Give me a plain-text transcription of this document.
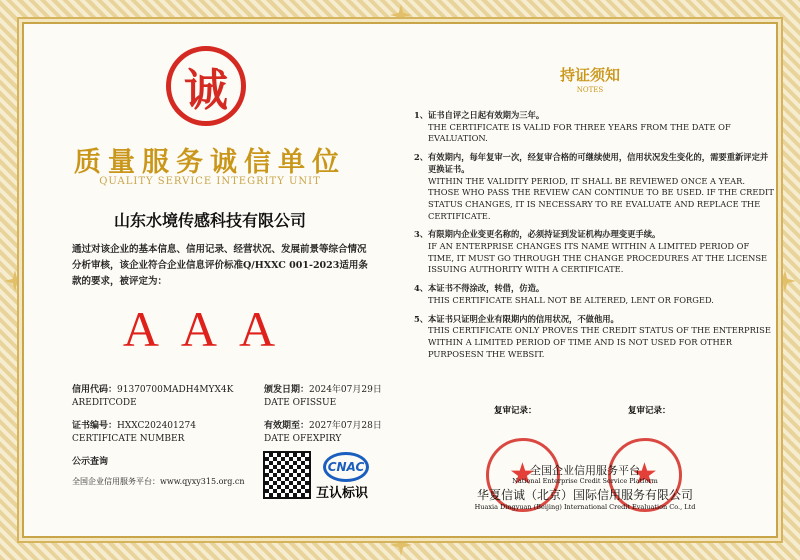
诚
质量服务诚信单位
QUALITY SERVICE INTEGRITY UNIT
山东水境传感科技有限公司
通过对该企业的基本信息、信用记录、经营状况、发展前景等综合情况分析审核，该企业符合企业信息评价标准Q/HXXC 001-2023适用条款的要求，被评定为：
AAA
信用代码：91370700MADH4MYX4K
AREDITCODE
颁发日期：2024年07月29日
DATE OFISSUE
证书编号：HXXC202401274
CERTIFICATE NUMBER
有效期至：2027年07月28日
DATE OFEXPIRY
公示查询
全国企业信用服务平台：www.qyxy315.org.cn
CNAC
互认标识
持证须知
NOTES
1、 证书自评之日起有效期为三年。
THE CERTIFICATE IS VALID FOR THREE YEARS FROM THE DATE OF EVALUATION.
2、 有效期内，每年复审一次，经复审合格的可继续使用，信用状况发生变化的，需要重新评定并更换证书。
WITHIN THE VALIDITY PERIOD, IT SHALL BE REVIEWED ONCE A YEAR. THOSE WHO PASS THE REVIEW CAN CONTINUE TO BE USED. IF THE CREDIT STATUS CHANGES, IT IS NECESSARY TO RE EVALUATE AND REPLACE THE CERTIFICATE.
3、 有限期内企业变更名称的，必须持证到发证机构办理变更手续。
IF AN ENTERPRISE CHANGES ITS NAME WITHIN A LIMITED PERIOD OF TIME, IT MUST GO THROUGH THE CHANGE PROCEDURES AT THE LICENSE ISSUING AUTHORITY WITH A CERTIFICATE.
4、 本证书不得涂改，转借，仿造。
THIS CERTIFICATE SHALL NOT BE ALTERED, LENT OR FORGED.
5、 本证书只证明企业有限期内的信用状况，不做他用。
THIS CERTIFICATE ONLY PROVES THE CREDIT STATUS OF THE ENTERPRISE WITHIN A LIMITED PERIOD OF TIME AND IS NOT USED FOR OTHER PURPOSESN THE WEBSIT.
复审记录：	复审记录：
★
★
全国企业信用服务平台
National Enterprise Credit Service Platform
华夏信诚（北京）国际信用服务有限公司
Huaxia Dingyuan (Beijing) International Credit Evaluation Co., Ltd
